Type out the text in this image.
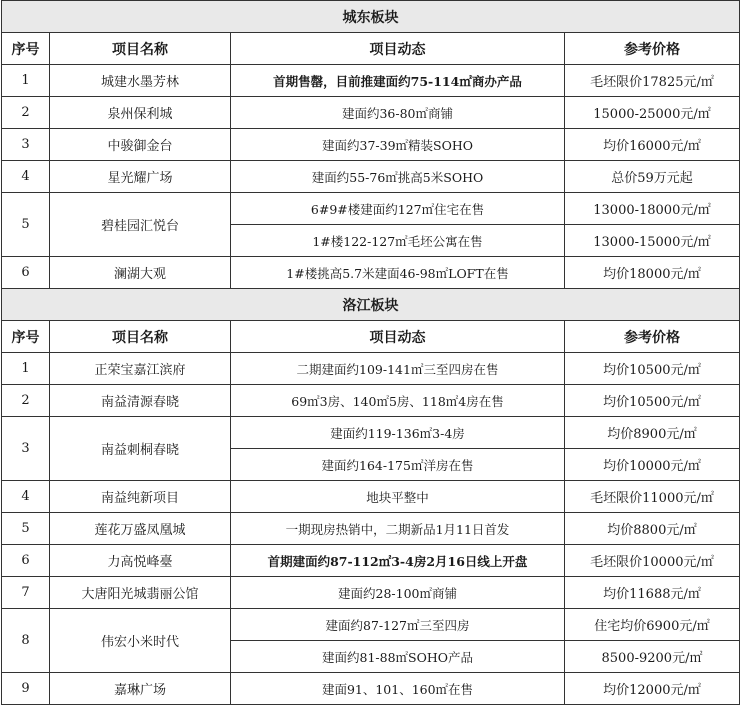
城东板块			
序号	项目名称	项目动态	参考价格
1	城建水墨芳林	首期售罄，目前推建面约75-114㎡商办产品	毛坯限价17825元/㎡
2	泉州保利城	建面约36-80㎡商铺	15000-25000元/㎡
3	中骏御金台	建面约37-39㎡精装SOHO	均价16000元/㎡
4	星光耀广场	建面约55-76㎡挑高5米SOHO	总价59万元起
5	碧桂园汇悦台	6#9#楼建面约127㎡住宅在售	13000-18000元/㎡
		1#楼122-127㎡毛坯公寓在售	13000-15000元/㎡
6	澜湖大观	1#楼挑高5.7米建面46-98㎡LOFT在售	均价18000元/㎡
洛江板块			
序号	项目名称	项目动态	参考价格
1	正荣宝嘉江滨府	二期建面约109-141㎡三至四房在售	均价10500元/㎡
2	南益清源春晓	69㎡3房、140㎡5房、118㎡4房在售	均价10500元/㎡
3	南益刺桐春晓	建面约119-136㎡3-4房	均价8900元/㎡
		建面约164-175㎡洋房在售	均价10000元/㎡
4	南益纯新项目	地块平整中	毛坯限价11000元/㎡
5	莲花万盛凤凰城	一期现房热销中，二期新品1月11日首发	均价8800元/㎡
6	力高悦峰臺	首期建面约87-112㎡3-4房2月16日线上开盘	毛坯限价10000元/㎡
7	大唐阳光城翡丽公馆	建面约28-100㎡商铺	均价11688元/㎡
8	伟宏小米时代	建面约87-127㎡三至四房	住宅均价6900元/㎡
		建面约81-88㎡SOHO产品	8500-9200元/㎡
9	嘉琳广场	建面91、101、160㎡在售	均价12000元/㎡
